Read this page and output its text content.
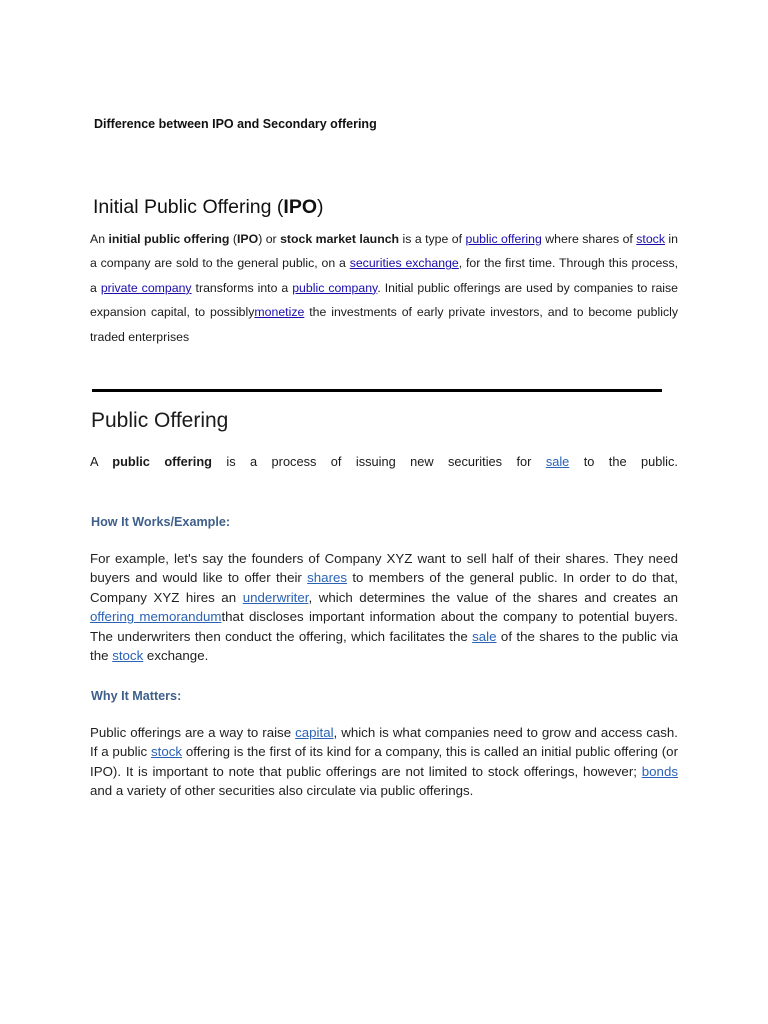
Difference between IPO and Secondary offering

Initial Public Offering (IPO)

An initial public offering (IPO) or stock market launch is a type of public offering where shares of stock in a company are sold to the general public, on a securities exchange, for the first time. Through this process, a private company transforms into a public company. Initial public offerings are used by companies to raise expansion capital, to possiblymonetize the investments of early private investors, and to become publicly traded enterprises

Public Offering

A public offering is a process of issuing new securities for sale to the public.

How It Works/Example:

For example, let's say the founders of Company XYZ want to sell half of their shares. They need buyers and would like to offer their shares to members of the general public. In order to do that, Company XYZ hires an underwriter, which determines the value of the shares and creates an offering memorandumthat discloses important information about the company to potential buyers. The underwriters then conduct the offering, which facilitates the sale of the shares to the public via the stock exchange.

Why It Matters:

Public offerings are a way to raise capital, which is what companies need to grow and access cash. If a public stock offering is the first of its kind for a company, this is called an initial public offering (or IPO). It is important to note that public offerings are not limited to stock offerings, however; bonds and a variety of other securities also circulate via public offerings.
